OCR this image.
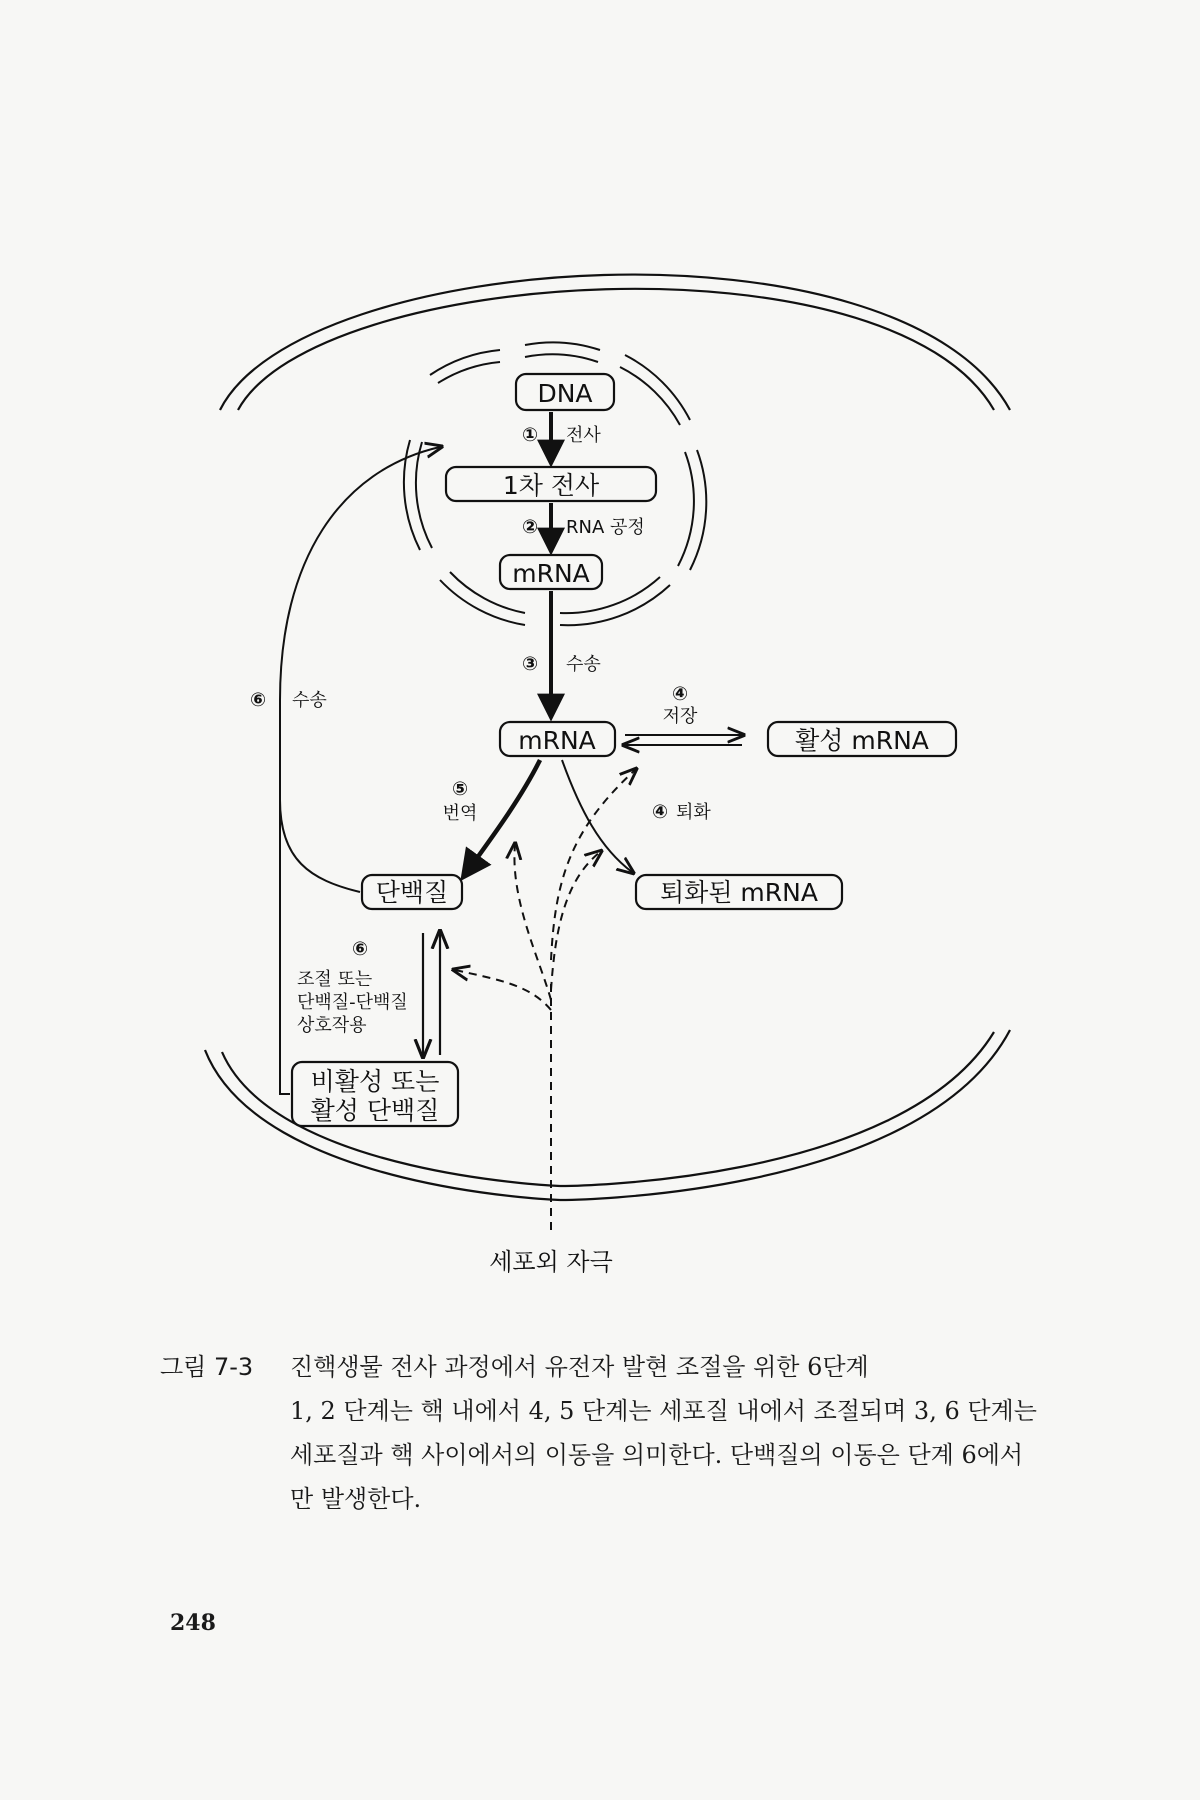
DNA
1차 전사
mRNA
mRNA	활성 mRNA
단백질	퇴화된 mRNA
비활성 또는
활성 단백질
① 전사
② RNA 공정
③ 수송
④
저장
④ 퇴화
⑤
번역
⑥ 수송
⑥
조절 또는
단백질-단백질
상호작용
세포외 자극
그림 7-3 진핵생물 전사 과정에서 유전자 발현 조절을 위한 6단계
1, 2 단계는 핵 내에서 4, 5 단계는 세포질 내에서 조절되며 3, 6 단계는
세포질과 핵 사이에서의 이동을 의미한다. 단백질의 이동은 단계 6에서
만 발생한다.
248
